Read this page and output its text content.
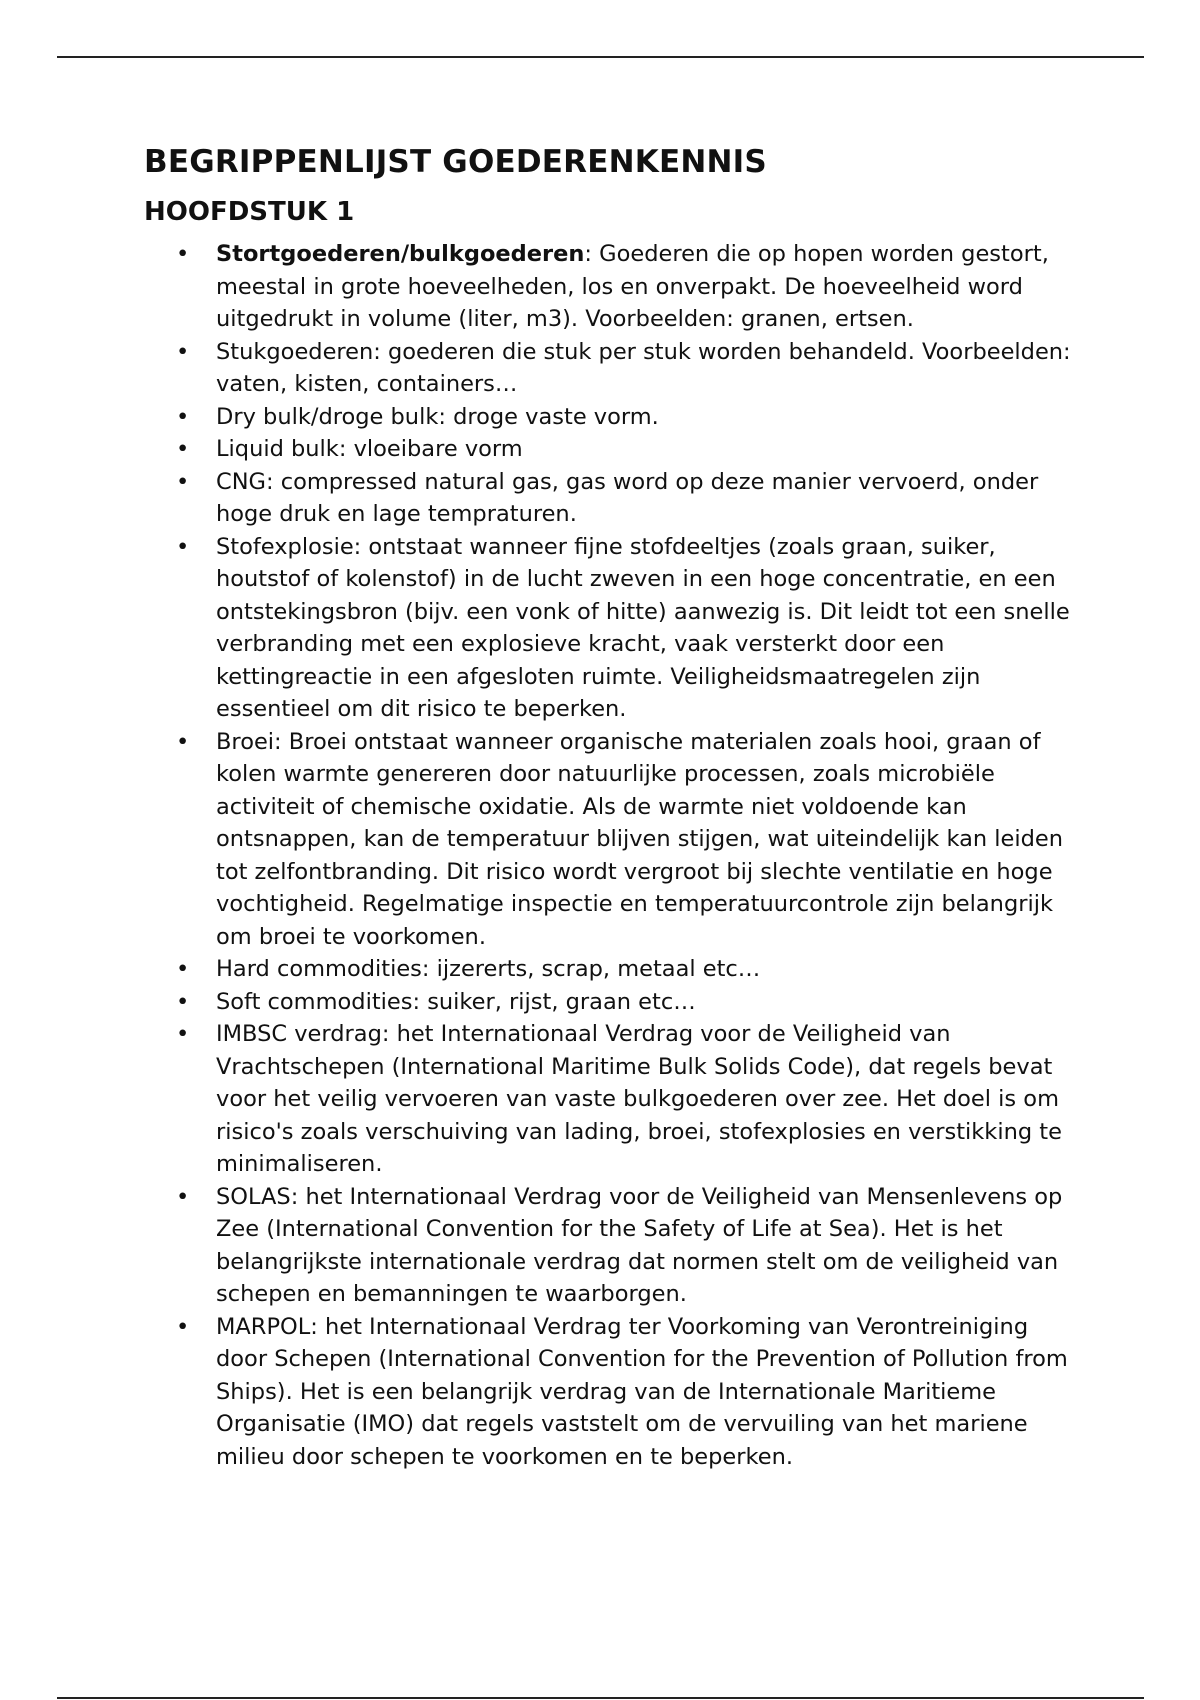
BEGRIPPENLIJST GOEDERENKENNIS
HOOFDSTUK 1
• Stortgoederen/bulkgoederen: Goederen die op hopen worden gestort, meestal in grote hoeveelheden, los en onverpakt. De hoeveelheid word uitgedrukt in volume (liter, m3). Voorbeelden: granen, ertsen.
• Stukgoederen: goederen die stuk per stuk worden behandeld. Voorbeelden: vaten, kisten, containers…
• Dry bulk/droge bulk: droge vaste vorm.
• Liquid bulk: vloeibare vorm
• CNG: compressed natural gas, gas word op deze manier vervoerd, onder hoge druk en lage tempraturen.
• Stofexplosie: ontstaat wanneer fijne stofdeeltjes (zoals graan, suiker, houtstof of kolenstof) in de lucht zweven in een hoge concentratie, en een ontstekingsbron (bijv. een vonk of hitte) aanwezig is. Dit leidt tot een snelle verbranding met een explosieve kracht, vaak versterkt door een kettingreactie in een afgesloten ruimte. Veiligheidsmaatregelen zijn essentieel om dit risico te beperken.
• Broei: Broei ontstaat wanneer organische materialen zoals hooi, graan of kolen warmte genereren door natuurlijke processen, zoals microbiële activiteit of chemische oxidatie. Als de warmte niet voldoende kan ontsnappen, kan de temperatuur blijven stijgen, wat uiteindelijk kan leiden tot zelfontbranding. Dit risico wordt vergroot bij slechte ventilatie en hoge vochtigheid. Regelmatige inspectie en temperatuurcontrole zijn belangrijk om broei te voorkomen.
• Hard commodities: ijzererts, scrap, metaal etc…
• Soft commodities: suiker, rijst, graan etc…
• IMBSC verdrag: het Internationaal Verdrag voor de Veiligheid van Vrachtschepen (International Maritime Bulk Solids Code), dat regels bevat voor het veilig vervoeren van vaste bulkgoederen over zee. Het doel is om risico's zoals verschuiving van lading, broei, stofexplosies en verstikking te minimaliseren.
• SOLAS: het Internationaal Verdrag voor de Veiligheid van Mensenlevens op Zee (International Convention for the Safety of Life at Sea). Het is het belangrijkste internationale verdrag dat normen stelt om de veiligheid van schepen en bemanningen te waarborgen.
• MARPOL: het Internationaal Verdrag ter Voorkoming van Verontreiniging door Schepen (International Convention for the Prevention of Pollution from Ships). Het is een belangrijk verdrag van de Internationale Maritieme Organisatie (IMO) dat regels vaststelt om de vervuiling van het mariene milieu door schepen te voorkomen en te beperken.
